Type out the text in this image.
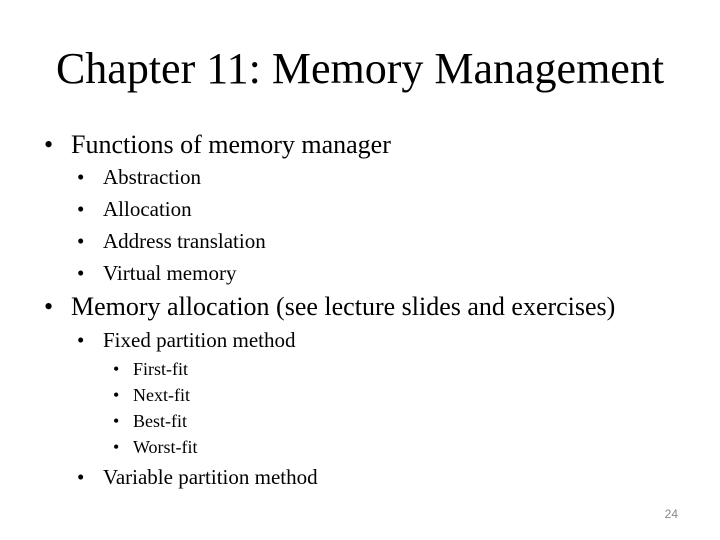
Chapter 11: Memory Management
• Functions of memory manager
• Abstraction
• Allocation
• Address translation
• Virtual memory
• Memory allocation (see lecture slides and exercises)
• Fixed partition method
• First-fit
• Next-fit
• Best-fit
• Worst-fit
• Variable partition method
24
